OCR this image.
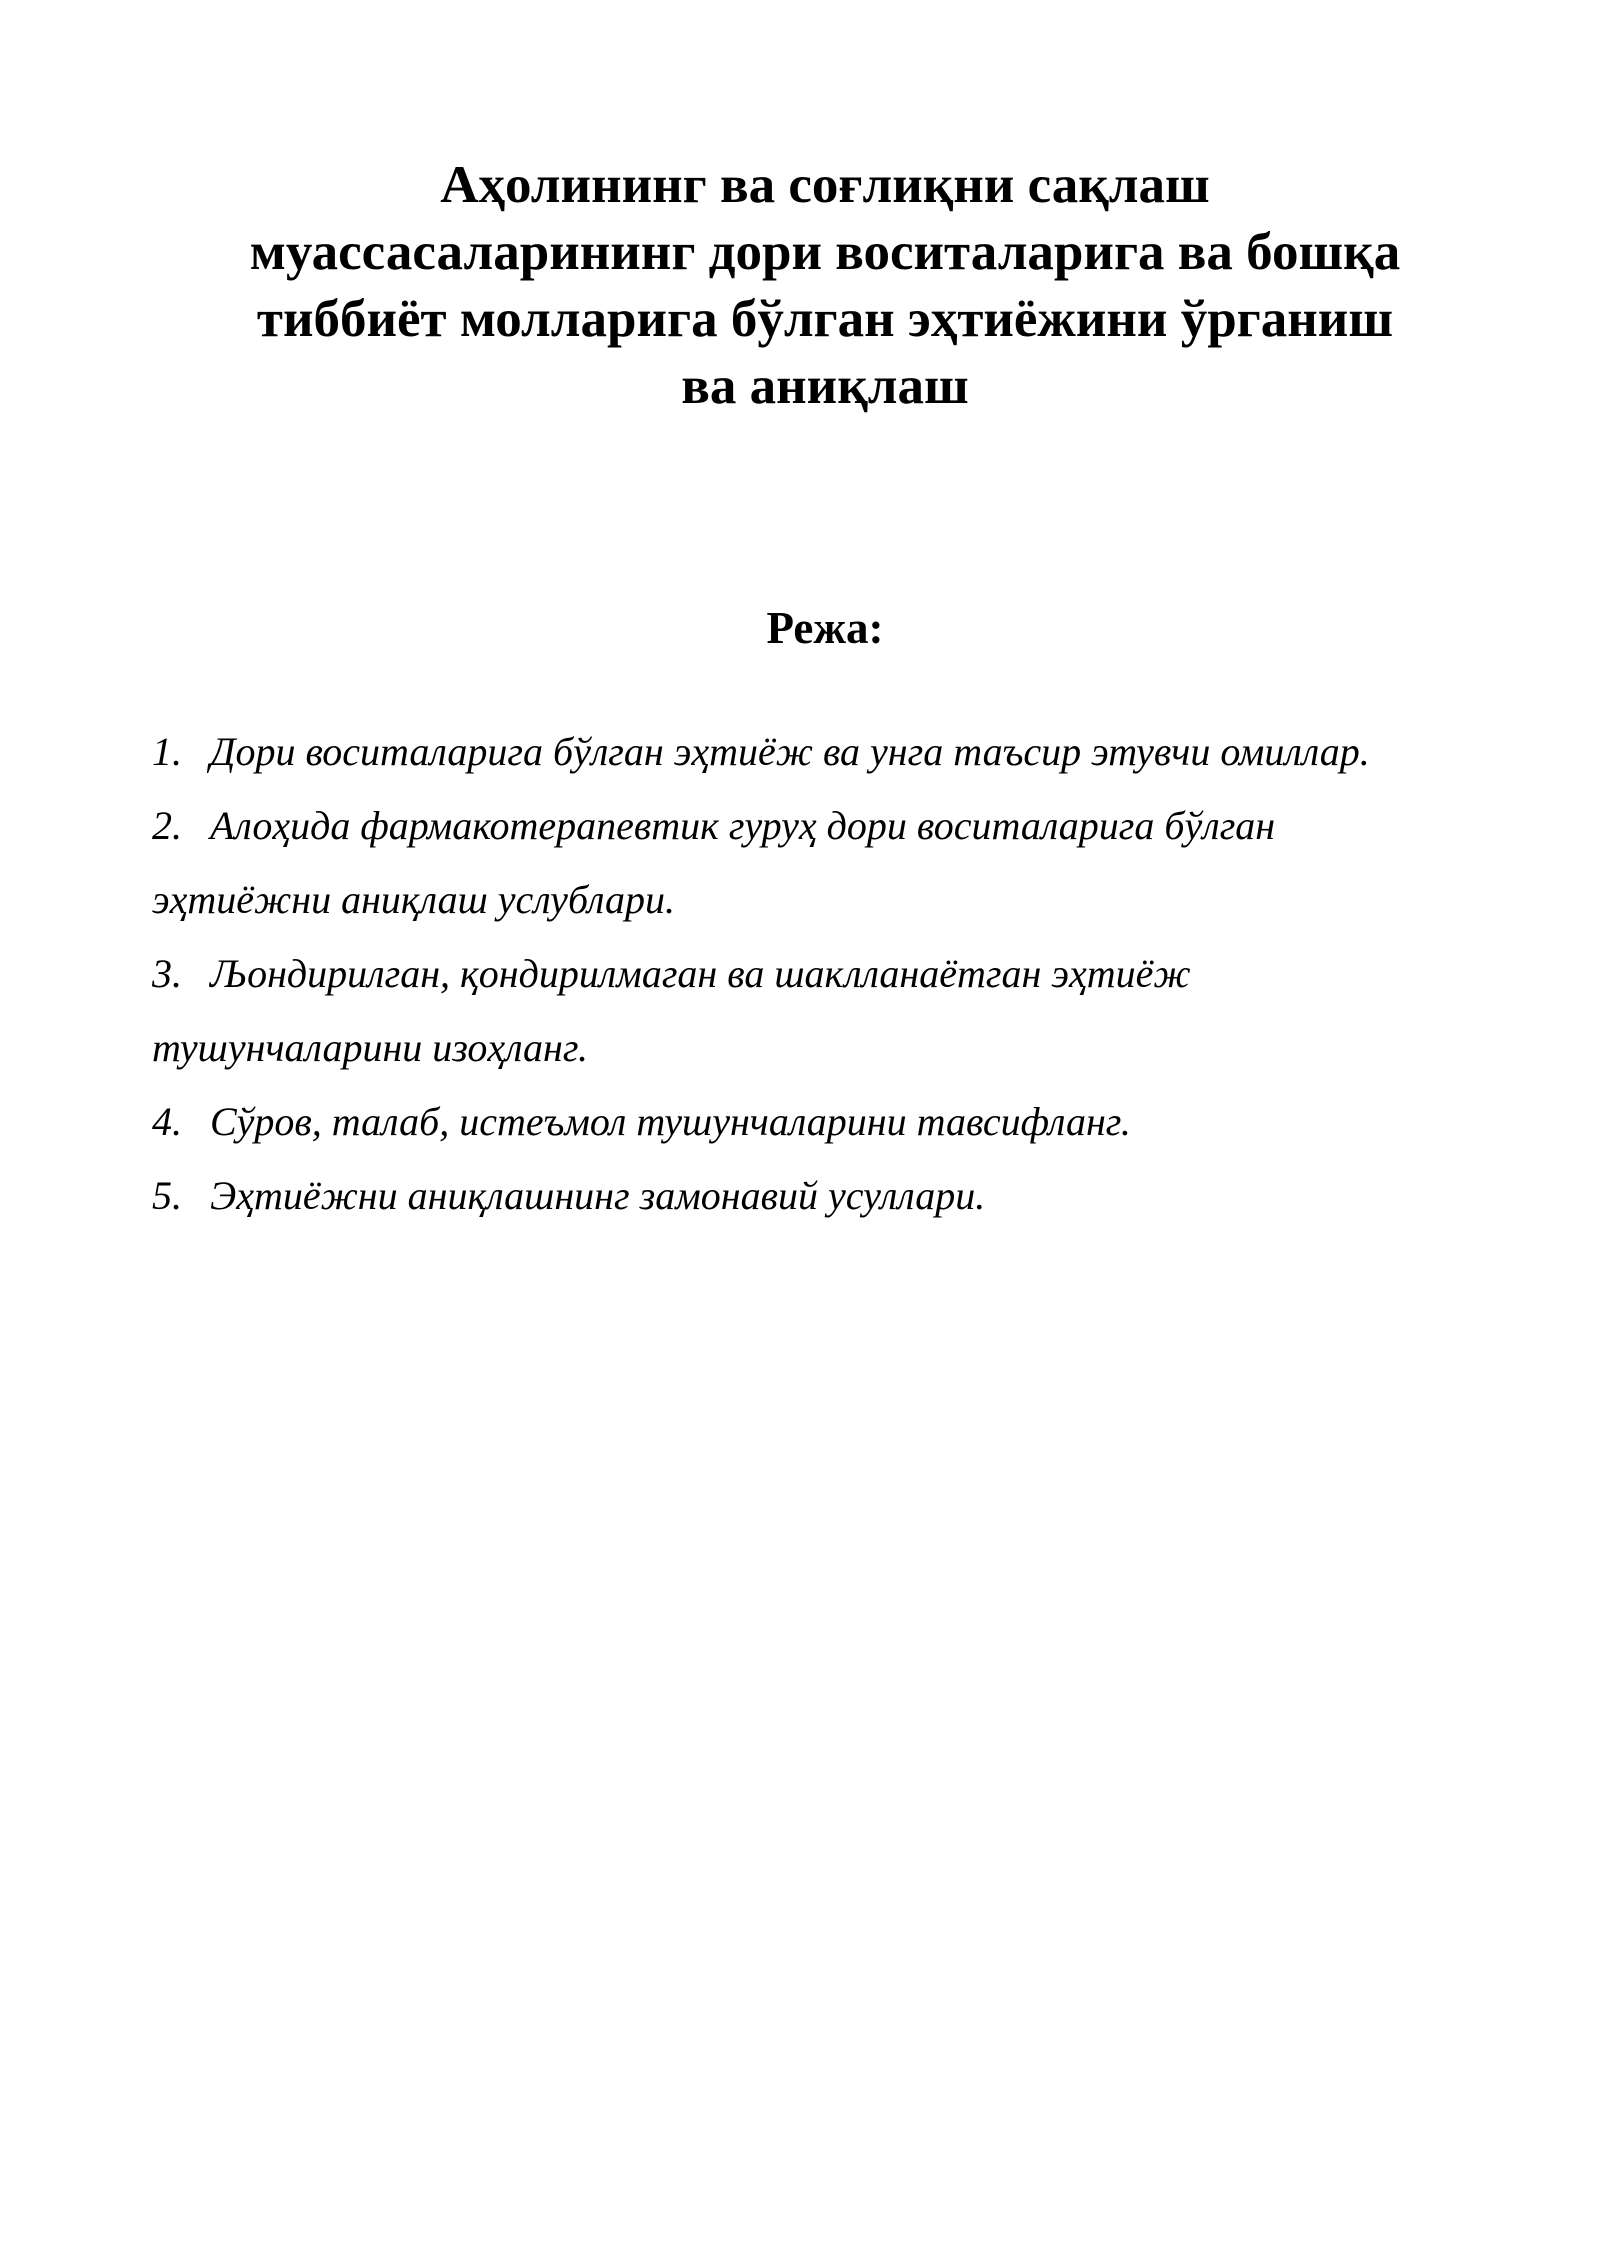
Аҳолининг ва соғлиқни сақлаш
муассасаларининг дори воситаларига ва бошқа
тиббиёт молларига бўлган эҳтиёжини ўрганиш
ва аниқлаш
Режа:
1. Дори воситаларига бўлган эҳтиёж ва унга таъсир этувчи омиллар.
2. Алоҳида фармакотерапевтик гуруҳ дори воситаларига бўлган
эҳтиёжни аниқлаш услублари.
3. Љондирилган, қондирилмаган ва шаклланаётган эҳтиёж
тушунчаларини изоҳланг.
4. Сўров, талаб, истеъмол тушунчаларини тавсифланг.
5. Эҳтиёжни аниқлашнинг замонавий усуллари.
